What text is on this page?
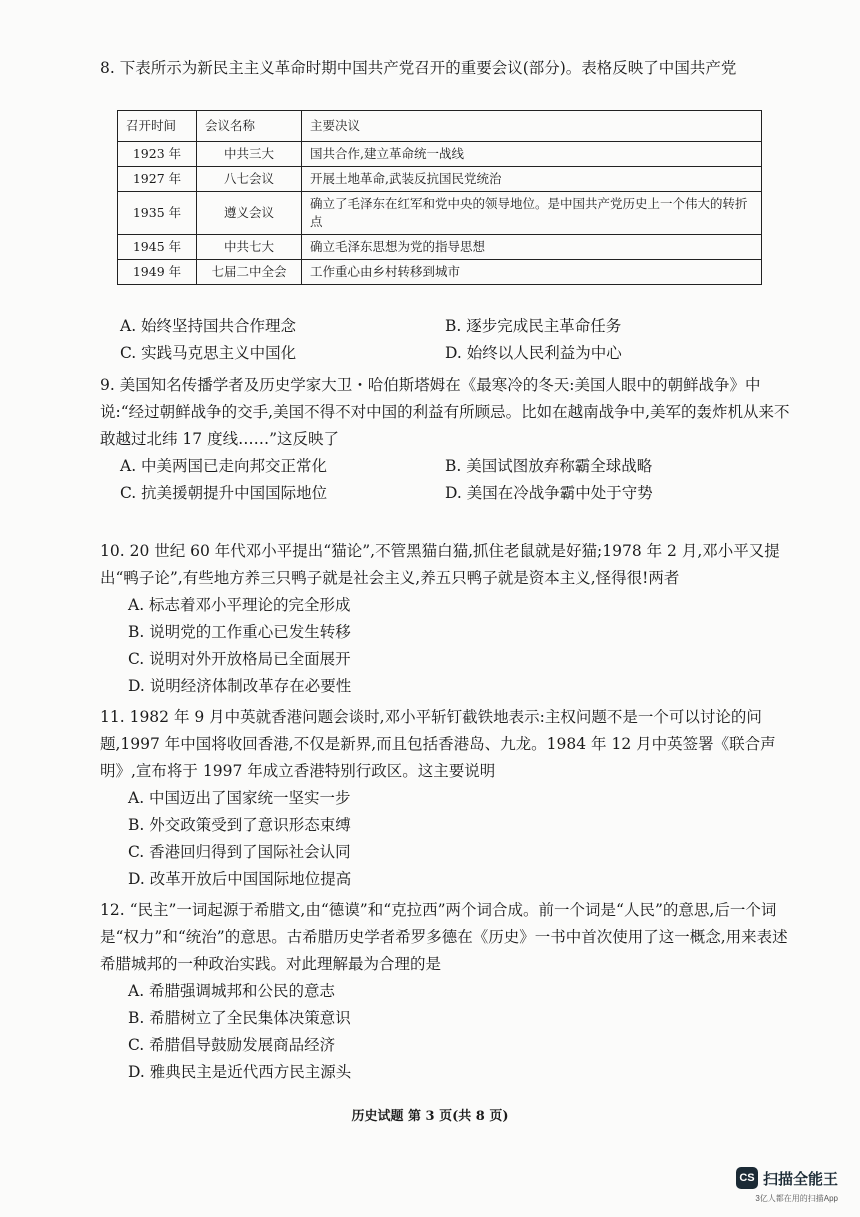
8. 下表所示为新民主主义革命时期中国共产党召开的重要会议(部分)。表格反映了中国共产党

召开时间	会议名称	主要决议
1923 年	中共三大	国共合作,建立革命统一战线
1927 年	八七会议	开展土地革命,武装反抗国民党统治
1935 年	遵义会议	确立了毛泽东在红军和党中央的领导地位。是中国共产党历史上一个伟大的转折点
1945 年	中共七大	确立毛泽东思想为党的指导思想
1949 年	七届二中全会	工作重心由乡村转移到城市
A. 始终坚持国共合作理念	B. 逐步完成民主革命任务
C. 实践马克思主义中国化	D. 始终以人民利益为中心

9. 美国知名传播学者及历史学家大卫・哈伯斯塔姆在《最寒冷的冬天:美国人眼中的朝鲜战争》中说:“经过朝鲜战争的交手,美国不得不对中国的利益有所顾忌。比如在越南战争中,美军的轰炸机从来不敢越过北纬 17 度线……”这反映了

A. 中美两国已走向邦交正常化	B. 美国试图放弃称霸全球战略
C. 抗美援朝提升中国国际地位	D. 美国在冷战争霸中处于守势

10. 20 世纪 60 年代邓小平提出“猫论”,不管黑猫白猫,抓住老鼠就是好猫;1978 年 2 月,邓小平又提出“鸭子论”,有些地方养三只鸭子就是社会主义,养五只鸭子就是资本主义,怪得很!两者

A. 标志着邓小平理论的完全形成
B. 说明党的工作重心已发生转移
C. 说明对外开放格局已全面展开
D. 说明经济体制改革存在必要性

11. 1982 年 9 月中英就香港问题会谈时,邓小平斩钉截铁地表示:主权问题不是一个可以讨论的问题,1997 年中国将收回香港,不仅是新界,而且包括香港岛、九龙。1984 年 12 月中英签署《联合声明》,宣布将于 1997 年成立香港特别行政区。这主要说明

A. 中国迈出了国家统一坚实一步
B. 外交政策受到了意识形态束缚
C. 香港回归得到了国际社会认同
D. 改革开放后中国国际地位提高

12. “民主”一词起源于希腊文,由“德谟”和“克拉西”两个词合成。前一个词是“人民”的意思,后一个词是“权力”和“统治”的意思。古希腊历史学者希罗多德在《历史》一书中首次使用了这一概念,用来表述希腊城邦的一种政治实践。对此理解最为合理的是

A. 希腊强调城邦和公民的意志
B. 希腊树立了全民集体决策意识
C. 希腊倡导鼓励发展商品经济
D. 雅典民主是近代西方民主源头
历史试题 第 3 页(共 8 页)
CS 扫描全能王
3亿人都在用的扫描App
